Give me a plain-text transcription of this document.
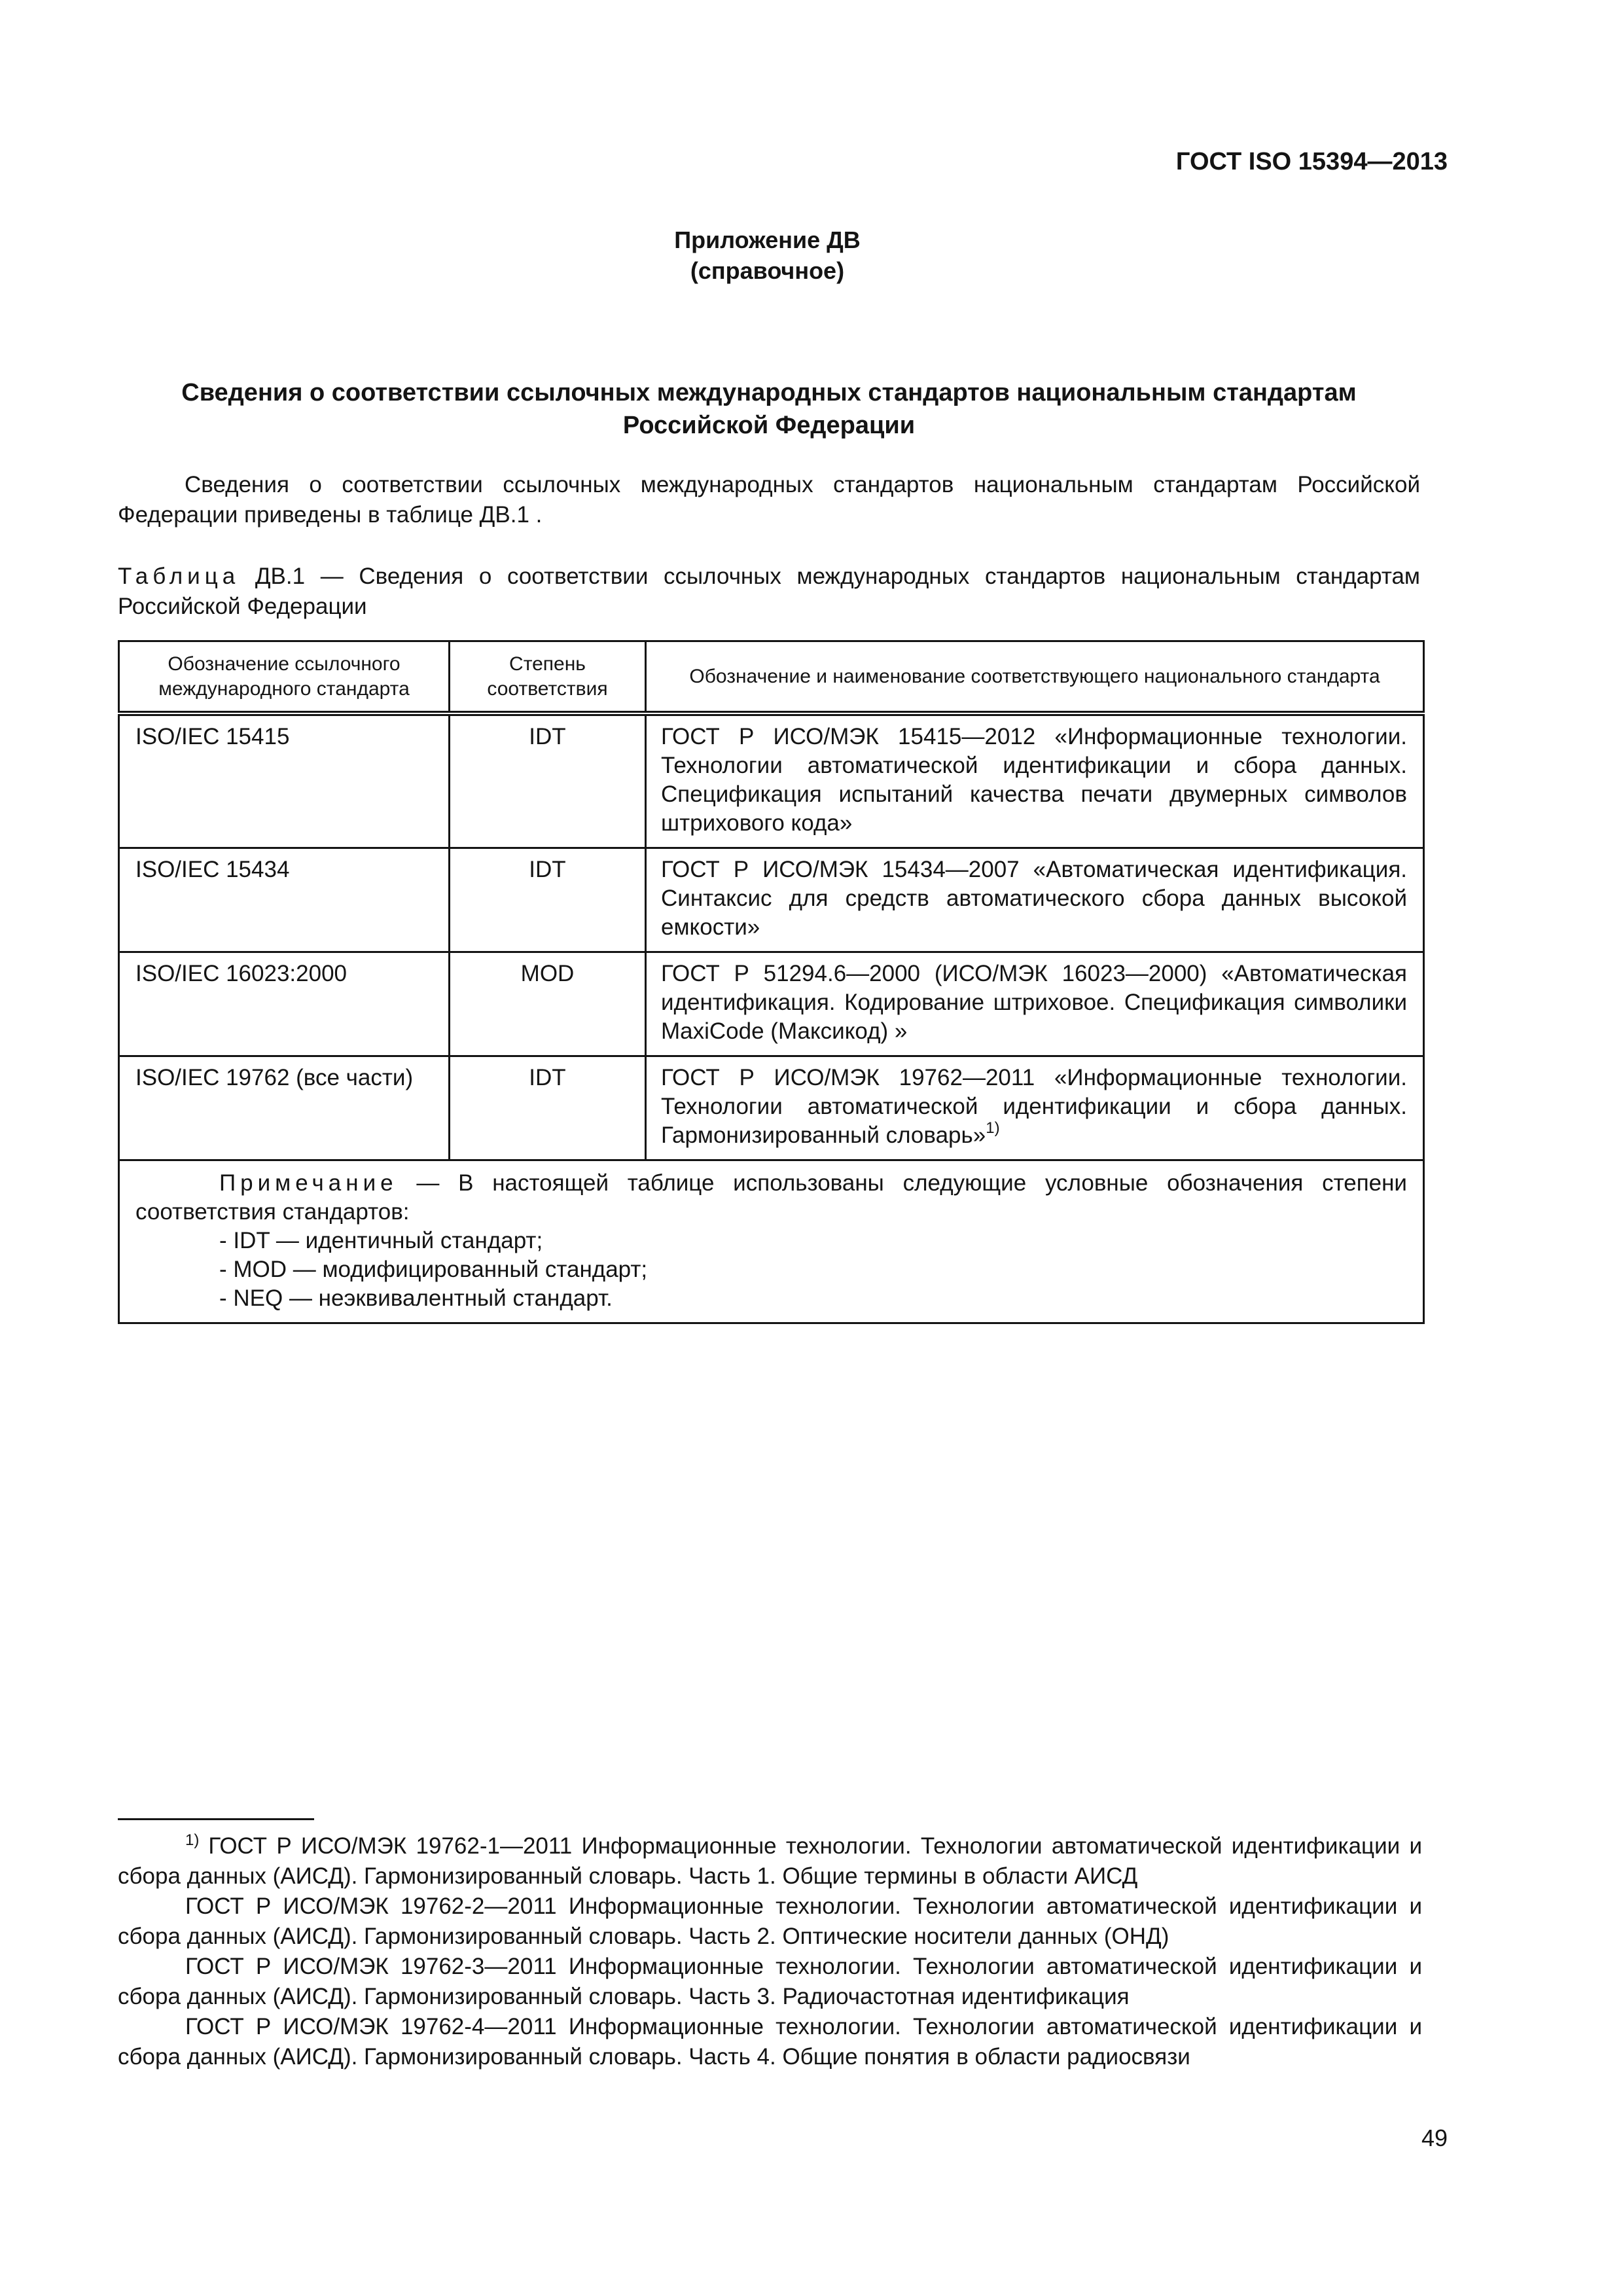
ГОСТ ISO 15394—2013
Приложение ДВ
(справочное)
Сведения о соответствии ссылочных международных стандартов национальным стандартам Российской Федерации
Сведения о соответствии ссылочных международных стандартов национальным стандартам Российской Федерации приведены в таблице ДВ.1 .
Таблица ДВ.1 — Сведения о соответствии ссылочных международных стандартов национальным стандартам Российской Федерации
Обозначение ссылочного международного стандарта	Степень соответствия	Обозначение и наименование соответствующего национального стандарта
ISO/IEC 15415	IDT	ГОСТ Р ИСО/МЭК 15415—2012 «Информационные технологии. Технологии автоматической идентификации и сбора данных. Спецификация испытаний качества печати двумерных символов штрихового кода»
ISO/IEC 15434	IDT	ГОСТ Р ИСО/МЭК 15434—2007 «Автоматическая идентификация. Синтаксис для средств автоматического сбора данных высокой емкости»
ISO/IEC 16023:2000	MOD	ГОСТ Р 51294.6—2000 (ИСО/МЭК 16023—2000) «Автоматическая идентификация. Кодирование штриховое. Спецификация символики MaxiCode (Максикод) »
ISO/IEC 19762 (все части)	IDT	ГОСТ Р ИСО/МЭК 19762—2011 «Информационные технологии. Технологии автоматической идентификации и сбора данных. Гармонизированный словарь»$^{1)}$

Примечание — В настоящей таблице использованы следующие условные обозначения степени соответствия стандартов:
- IDT — идентичный стандарт;
- MOD — модифицированный стандарт;
- NEQ — неэквивалентный стандарт.		
$^{1)}$ ГОСТ Р ИСО/МЭК 19762-1—2011 Информационные технологии. Технологии автоматической идентификации и сбора данных (АИСД). Гармонизированный словарь. Часть 1. Общие термины в области АИСД
ГОСТ Р ИСО/МЭК 19762-2—2011 Информационные технологии. Технологии автоматической идентификации и сбора данных (АИСД). Гармонизированный словарь. Часть 2. Оптические носители данных (ОНД)
ГОСТ Р ИСО/МЭК 19762-3—2011 Информационные технологии. Технологии автоматической идентификации и сбора данных (АИСД). Гармонизированный словарь. Часть 3. Радиочастотная идентификация
ГОСТ Р ИСО/МЭК 19762-4—2011 Информационные технологии. Технологии автоматической идентификации и сбора данных (АИСД). Гармонизированный словарь. Часть 4. Общие понятия в области радиосвязи
49
